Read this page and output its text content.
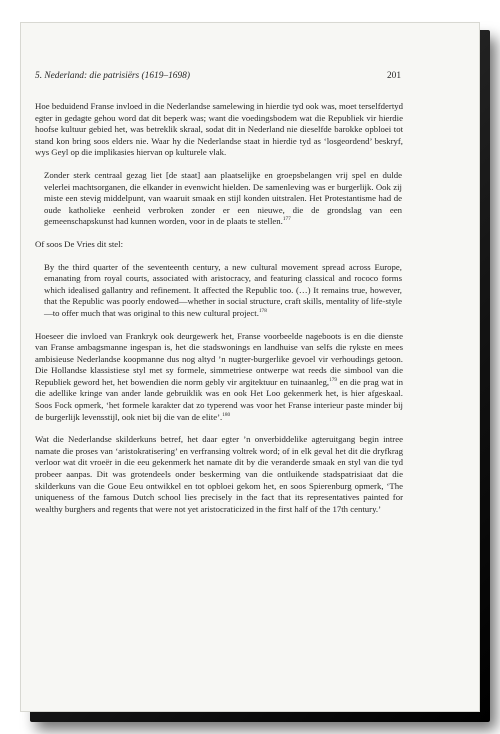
5. Nederland: die patrisiërs (1619–1698)	201

Hoe beduidend Franse invloed in die Nederlandse samelewing in hierdie tyd ook was, moet terselfdertyd egter in gedagte gehou word dat dit beperk was; want die voedingsbodem wat die Republiek vir hierdie hoofse kultuur gebied het, was betreklik skraal, sodat dit in Nederland nie dieselfde barokke opbloei tot stand kon bring soos elders nie. Waar hy die Nederlandse staat in hierdie tyd as ‘losgeordend’ beskryf, wys Geyl op die implikasies hiervan op kulturele vlak.

Zonder sterk centraal gezag liet [de staat] aan plaatselijke en groepsbelangen vrij spel en dulde velerlei machtsorganen, die elkander in evenwicht hielden. De samenleving was er burgerlijk. Ook zij miste een stevig middelpunt, van waaruit smaak en stijl konden uitstralen. Het Protestantisme had de oude katholieke eenheid verbroken zonder er een nieuwe, die de grondslag van een gemeenschapskunst had kunnen worden, voor in de plaats te stellen.$^{177}$

Of soos De Vries dit stel:

By the third quarter of the seventeenth century, a new cultural movement spread across Europe, emanating from royal courts, associated with aristocracy, and featuring classical and rococo forms which idealised gallantry and refinement. It affected the Republic too. (…) It remains true, however, that the Republic was poorly endowed—whether in social structure, craft skills, mentality of life-style—to offer much that was original to this new cultural project.$^{178}$

Hoeseer die invloed van Frankryk ook deurgewerk het, Franse voorbeelde nageboots is en die dienste van Franse ambagsmanne ingespan is, het die stadswonings en landhuise van selfs die rykste en mees ambisieuse Nederlandse koopmanne dus nog altyd ’n nugter-burgerlike gevoel vir verhoudings getoon. Die Hollandse klassistiese styl met sy formele, simmetriese ontwerpe wat reeds die simbool van die Republiek geword het, het bowendien die norm gebly vir argitektuur en tuinaanleg,$^{179}$ en die prag wat in die adellike kringe van ander lande gebruiklik was en ook Het Loo gekenmerk het, is hier afgeskaal. Soos Fock opmerk, ‘het formele karakter dat zo typerend was voor het Franse interieur paste minder bij de burgerlijk levensstijl, ook niet bij die van de elite’.$^{180}$

Wat die Nederlandse skilderkuns betref, het daar egter ’n onverbiddelike agteruitgang begin intree namate die proses van ‘aristokratisering’ en verfransing voltrek word; of in elk geval het dit die dryfkrag verloor wat dit vroeër in die eeu gekenmerk het namate dit by die veranderde smaak en styl van die tyd probeer aanpas. Dit was grotendeels onder beskerming van die ontluikende stadspatrisiaat dat die skilderkuns van die Goue Eeu ontwikkel en tot opbloei gekom het, en soos Spierenburg opmerk, ‘The uniqueness of the famous Dutch school lies precisely in the fact that its representatives painted for wealthy burghers and regents that were not yet aristocraticized in the first half of the 17th century.’
